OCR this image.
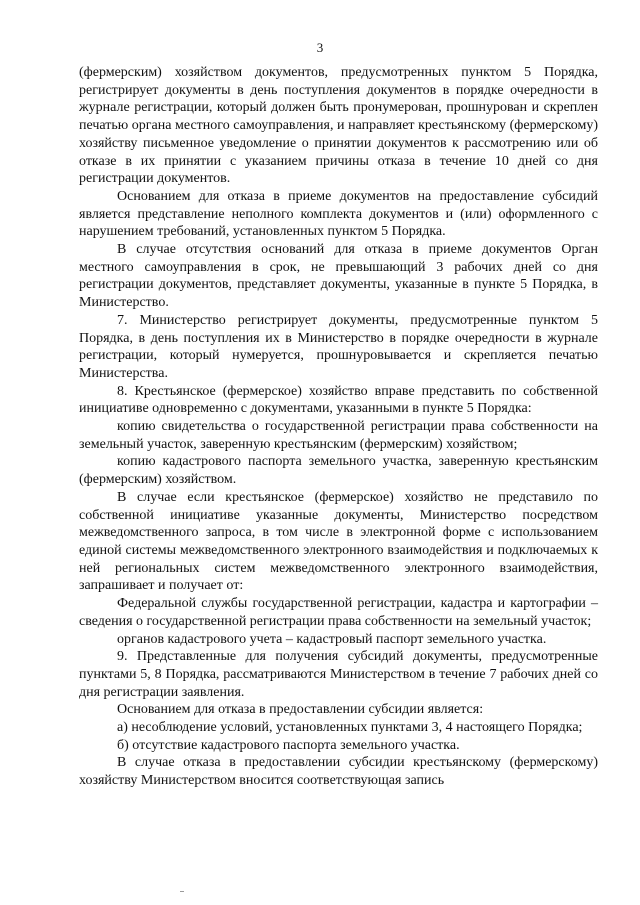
3

(фермерским) хозяйством документов, предусмотренных пунктом 5 Порядка, регистрирует документы в день поступления документов в порядке очередности в журнале регистрации, который должен быть пронумерован, прошнурован и скреплен печатью органа местного самоуправления, и направляет крестьянскому (фермерскому) хозяйству письменное уведомление о принятии документов к рассмотрению или об отказе в их принятии с указанием причины отказа в течение 10 дней со дня регистрации документов.

Основанием для отказа в приеме документов на предоставление субсидий является представление неполного комплекта документов и (или) оформленного с нарушением требований, установленных пунктом 5 Порядка.

В случае отсутствия оснований для отказа в приеме документов Орган местного самоуправления в срок, не превышающий 3 рабочих дней со дня регистрации документов, представляет документы, указанные в пункте 5 Порядка, в Министерство.

7. Министерство регистрирует документы, предусмотренные пунктом 5 Порядка, в день поступления их в Министерство в порядке очередности в журнале регистрации, который нумеруется, прошнуровывается и скрепляется печатью Министерства.

8. Крестьянское (фермерское) хозяйство вправе представить по собственной инициативе одновременно с документами, указанными в пункте 5 Порядка:

копию свидетельства о государственной регистрации права собственности на земельный участок, заверенную крестьянским (фермерским) хозяйством;

копию кадастрового паспорта земельного участка, заверенную крестьянским (фермерским) хозяйством.

В случае если крестьянское (фермерское) хозяйство не представило по собственной инициативе указанные документы, Министерство посредством межведомственного запроса, в том числе в электронной форме с использованием единой системы межведомственного электронного взаимодействия и подключаемых к ней региональных систем межведомственного электронного взаимодействия, запрашивает и получает от:

Федеральной службы государственной регистрации, кадастра и картографии – сведения о государственной регистрации права собственности на земельный участок;

органов кадастрового учета – кадастровый паспорт земельного участка.

9. Представленные для получения субсидий документы, предусмотренные пунктами 5, 8 Порядка, рассматриваются Министерством в течение 7 рабочих дней со дня регистрации заявления.

Основанием для отказа в предоставлении субсидии является:

а) несоблюдение условий, установленных пунктами 3, 4 настоящего Порядка;

б) отсутствие кадастрового паспорта земельного участка.

В случае отказа в предоставлении субсидии крестьянскому (фермерскому) хозяйству Министерством вносится соответствующая запись
